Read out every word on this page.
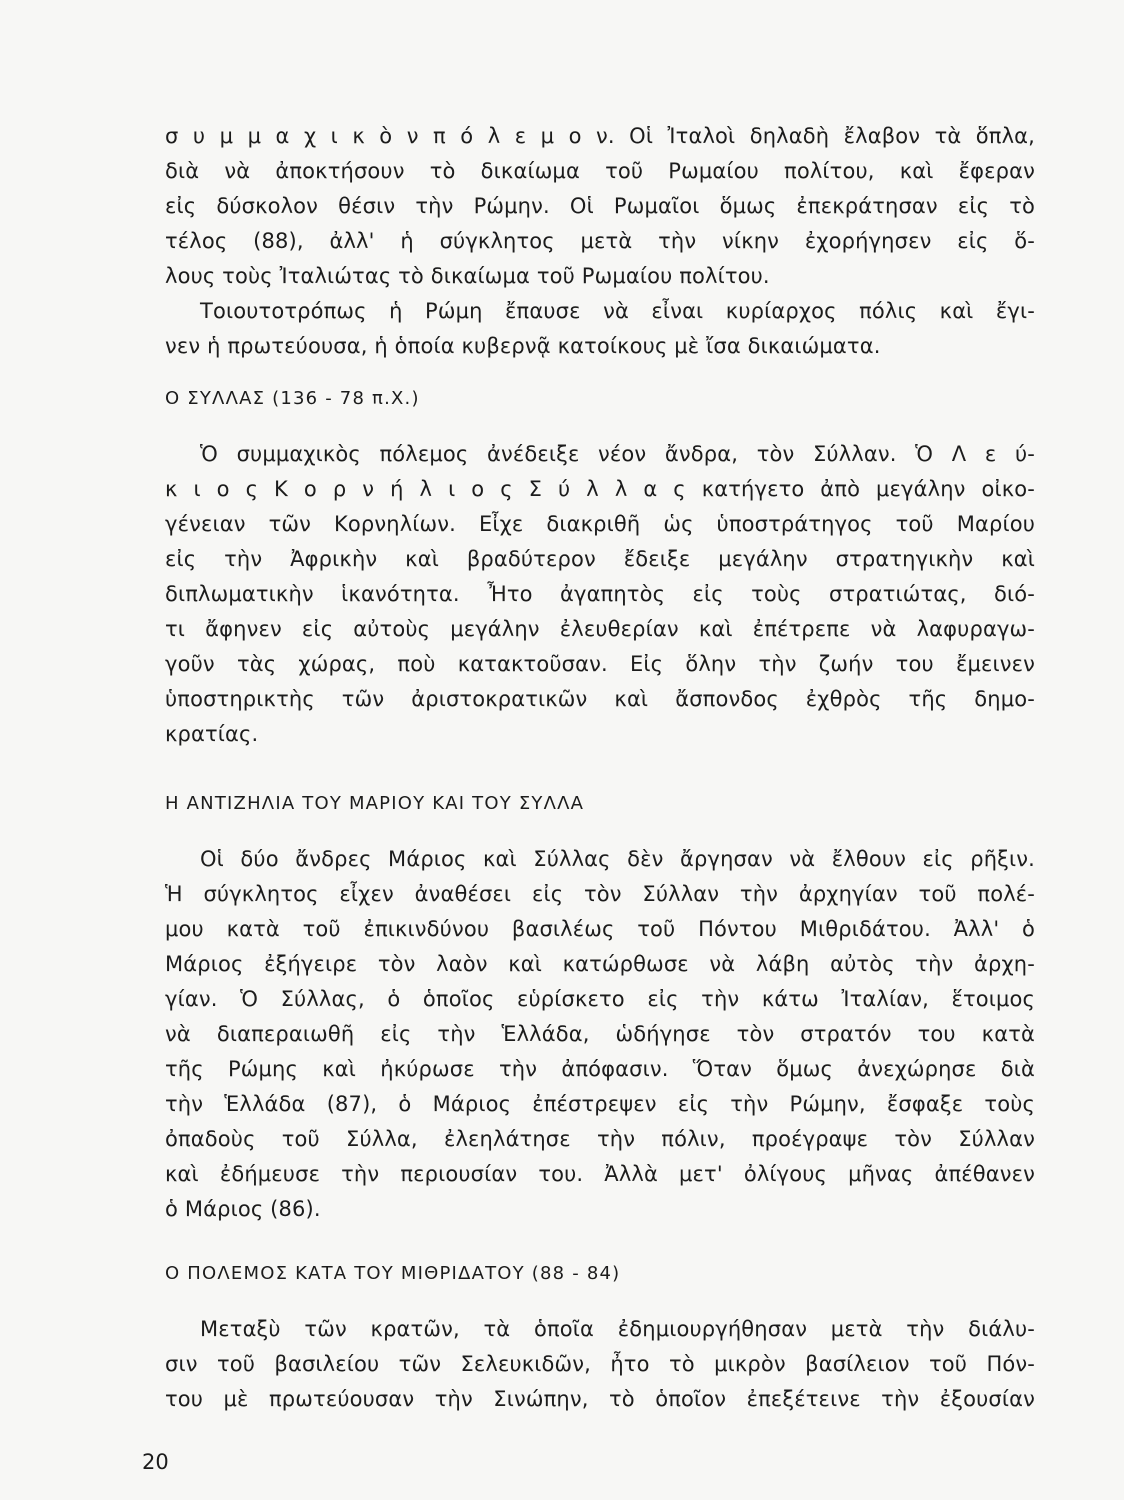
σ υ μ μ α χ ι κ ὸ ν π ό λ ε μ ο ν. Οἱ Ἰταλοὶ δηλαδὴ ἔλαβον τὰ ὅπλα,
διὰ νὰ ἀποκτήσουν τὸ δικαίωμα τοῦ Ρωμαίου πολίτου, καὶ ἔφεραν
εἰς δύσκολον θέσιν τὴν Ρώμην. Οἱ Ρωμαῖοι ὅμως ἐπεκράτησαν εἰς τὸ
τέλος (88), ἀλλ' ἡ σύγκλητος μετὰ τὴν νίκην ἐχορήγησεν εἰς ὅ-
λους τοὺς Ἰταλιώτας τὸ δικαίωμα τοῦ Ρωμαίου πολίτου.
Τοιουτοτρόπως ἡ Ρώμη ἔπαυσε νὰ εἶναι κυρίαρχος πόλις καὶ ἔγι-
νεν ἡ πρωτεύουσα, ἡ ὁποία κυβερνᾷ κατοίκους μὲ ἴσα δικαιώματα.
Ο ΣΥΛΛΑΣ (136 - 78 π.Χ.)
Ὁ συμμαχικὸς πόλεμος ἀνέδειξε νέον ἄνδρα, τὸν Σύλλαν. Ὁ Λ ε ύ-
κ ι ο ς Κ ο ρ ν ή λ ι ο ς Σ ύ λ λ α ς κατήγετο ἀπὸ μεγάλην οἰκο-
γένειαν τῶν Κορνηλίων. Εἶχε διακριθῆ ὡς ὑποστράτηγος τοῦ Μαρίου
εἰς τὴν Ἀφρικὴν καὶ βραδύτερον ἔδειξε μεγάλην στρατηγικὴν καὶ
διπλωματικὴν ἱκανότητα. Ἦτο ἀγαπητὸς εἰς τοὺς στρατιώτας, διό-
τι ἄφηνεν εἰς αὐτοὺς μεγάλην ἐλευθερίαν καὶ ἐπέτρεπε νὰ λαφυραγω-
γοῦν τὰς χώρας, ποὺ κατακτοῦσαν. Εἰς ὅλην τὴν ζωήν του ἔμεινεν
ὑποστηρικτὴς τῶν ἀριστοκρατικῶν καὶ ἄσπονδος ἐχθρὸς τῆς δημο-
κρατίας.
Η ΑΝΤΙΖΗΛΙΑ ΤΟΥ ΜΑΡΙΟΥ ΚΑΙ ΤΟΥ ΣΥΛΛΑ
Οἱ δύο ἄνδρες Μάριος καὶ Σύλλας δὲν ἄργησαν νὰ ἔλθουν εἰς ρῆξιν.
Ἡ σύγκλητος εἶχεν ἀναθέσει εἰς τὸν Σύλλαν τὴν ἀρχηγίαν τοῦ πολέ-
μου κατὰ τοῦ ἐπικινδύνου βασιλέως τοῦ Πόντου Μιθριδάτου. Ἀλλ' ὁ
Μάριος ἐξήγειρε τὸν λαὸν καὶ κατώρθωσε νὰ λάβη αὐτὸς τὴν ἀρχη-
γίαν. Ὁ Σύλλας, ὁ ὁποῖος εὑρίσκετο εἰς τὴν κάτω Ἰταλίαν, ἕτοιμος
νὰ διαπεραιωθῆ εἰς τὴν Ἑλλάδα, ὡδήγησε τὸν στρατόν του κατὰ
τῆς Ρώμης καὶ ἠκύρωσε τὴν ἀπόφασιν. Ὅταν ὅμως ἀνεχώρησε διὰ
τὴν Ἑλλάδα (87), ὁ Μάριος ἐπέστρεψεν εἰς τὴν Ρώμην, ἔσφαξε τοὺς
ὀπαδοὺς τοῦ Σύλλα, ἐλεηλάτησε τὴν πόλιν, προέγραψε τὸν Σύλλαν
καὶ ἐδήμευσε τὴν περιουσίαν του. Ἀλλὰ μετ' ὀλίγους μῆνας ἀπέθανεν
ὁ Μάριος (86).
Ο ΠΟΛΕΜΟΣ ΚΑΤΑ ΤΟΥ ΜΙΘΡΙΔΑΤΟΥ (88 - 84)
Μεταξὺ τῶν κρατῶν, τὰ ὁποῖα ἐδημιουργήθησαν μετὰ τὴν διάλυ-
σιν τοῦ βασιλείου τῶν Σελευκιδῶν, ἦτο τὸ μικρὸν βασίλειον τοῦ Πόν-
του μὲ πρωτεύουσαν τὴν Σινώπην, τὸ ὁποῖον ἐπεξέτεινε τὴν ἐξουσίαν
20
